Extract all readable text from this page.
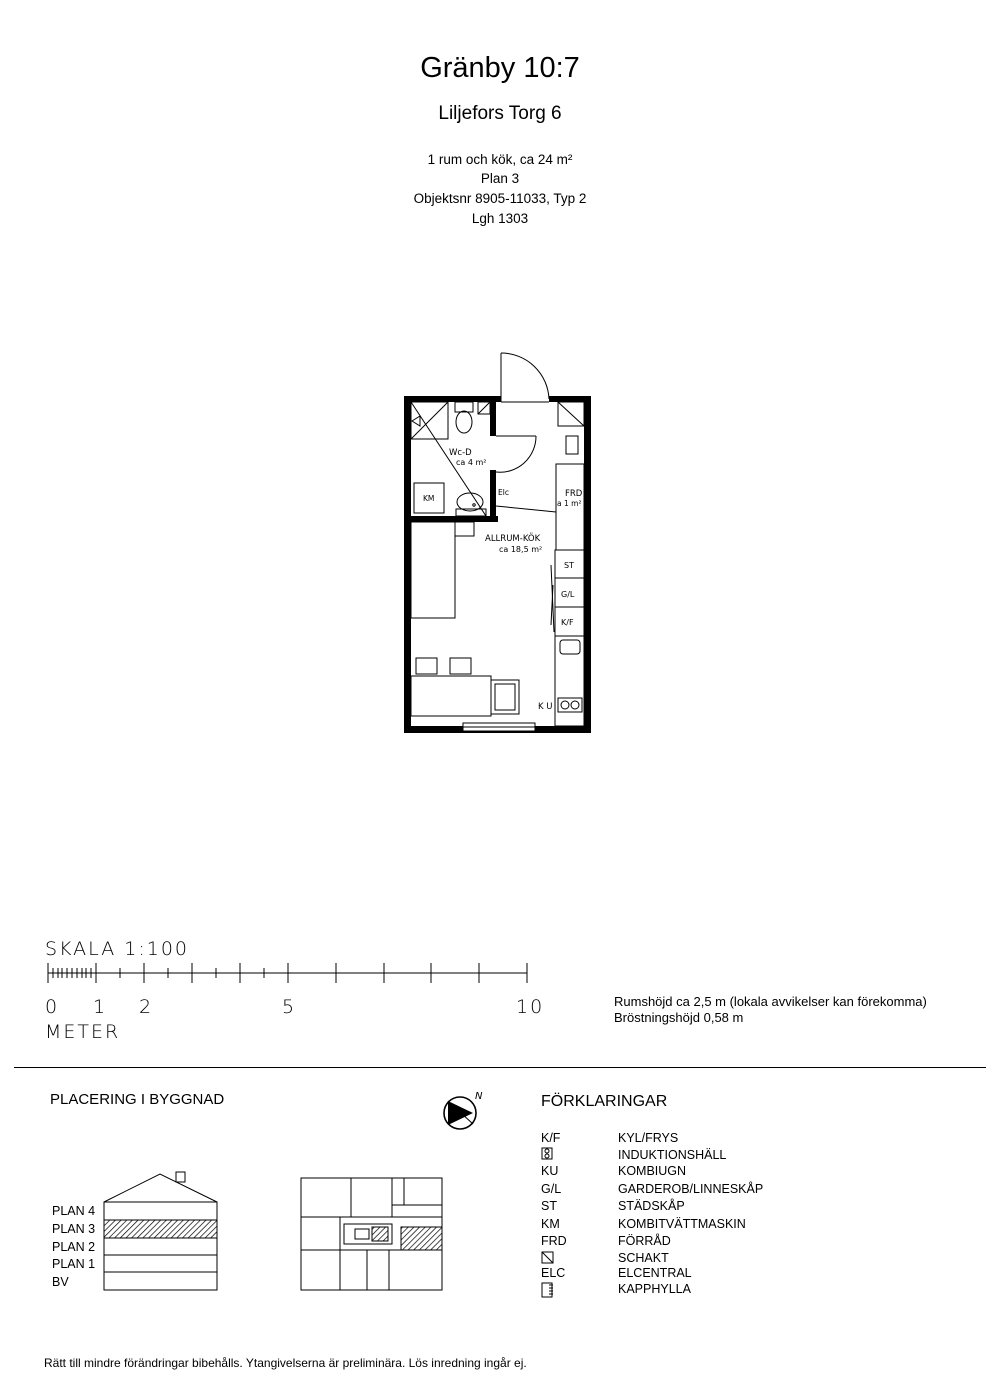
Gränby 10:7
Liljefors Torg 6
1 rum och kök, ca 24 m²
Plan 3
Objektsnr 8905-11033, Typ 2
Lgh 1303
Wc-D
ca 4 m²
KM
Elc	FRD
a 1 m²
ST
G/L
K/F
K U
ALLRUM-KÖK
ca 18,5 m²
SKALA 1:100
0 1 2	5	10
METER
Rumshöjd ca 2,5 m (lokala avvikelser kan förekomma)
Bröstningshöjd 0,58 m
PLACERING I BYGGNAD
PLAN 4
PLAN 3
PLAN 2
PLAN 1
BV
N	FÖRKLARINGAR
K/F	KYL/FRYS
INDUKTIONSHÄLL
KU	KOMBIUGN
G/L	GARDEROB/LINNESKÅP
ST	STÄDSKÅP
KM	KOMBITVÄTTMASKIN
FRD	FÖRRÅD
SCHAKT
ELC	ELCENTRAL
KAPPHYLLA
Rätt till mindre förändringar bibehålls. Ytangivelserna är preliminära. Lös inredning ingår ej.
